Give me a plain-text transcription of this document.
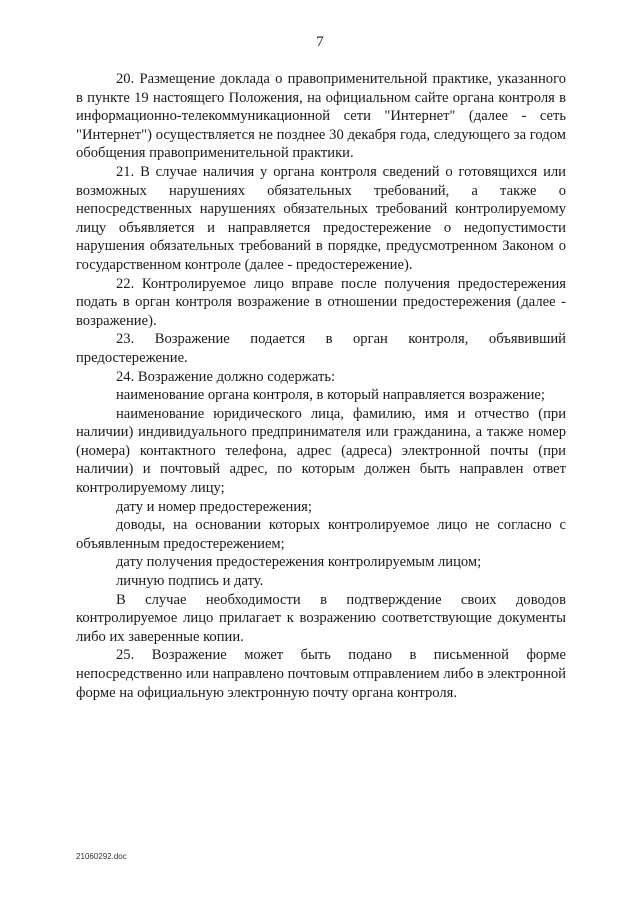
7

20. Размещение доклада о правоприменительной практике, указанного в пункте 19 настоящего Положения, на официальном сайте органа контроля в информационно-телекоммуникационной сети "Интернет" (далее - сеть "Интернет") осуществляется не позднее 30 декабря года, следующего за годом обобщения правоприменительной практики.

21. В случае наличия у органа контроля сведений о готовящихся или возможных нарушениях обязательных требований, а также о непосредственных нарушениях обязательных требований контролируемому лицу объявляется и направляется предостережение о недопустимости нарушения обязательных требований в порядке, предусмотренном Законом о государственном контроле (далее - предостережение).

22. Контролируемое лицо вправе после получения предостережения подать в орган контроля возражение в отношении предостережения (далее - возражение).

23. Возражение подается в орган контроля, объявивший предостережение.

24. Возражение должно содержать:

наименование органа контроля, в который направляется возражение;

наименование юридического лица, фамилию, имя и отчество (при наличии) индивидуального предпринимателя или гражданина, а также номер (номера) контактного телефона, адрес (адреса) электронной почты (при наличии) и почтовый адрес, по которым должен быть направлен ответ контролируемому лицу;

дату и номер предостережения;

доводы, на основании которых контролируемое лицо не согласно с объявленным предостережением;

дату получения предостережения контролируемым лицом;

личную подпись и дату.

В случае необходимости в подтверждение своих доводов контролируемое лицо прилагает к возражению соответствующие документы либо их заверенные копии.

25. Возражение может быть подано в письменной форме непосредственно или направлено почтовым отправлением либо в электронной форме на официальную электронную почту органа контроля.

21060292.doc
